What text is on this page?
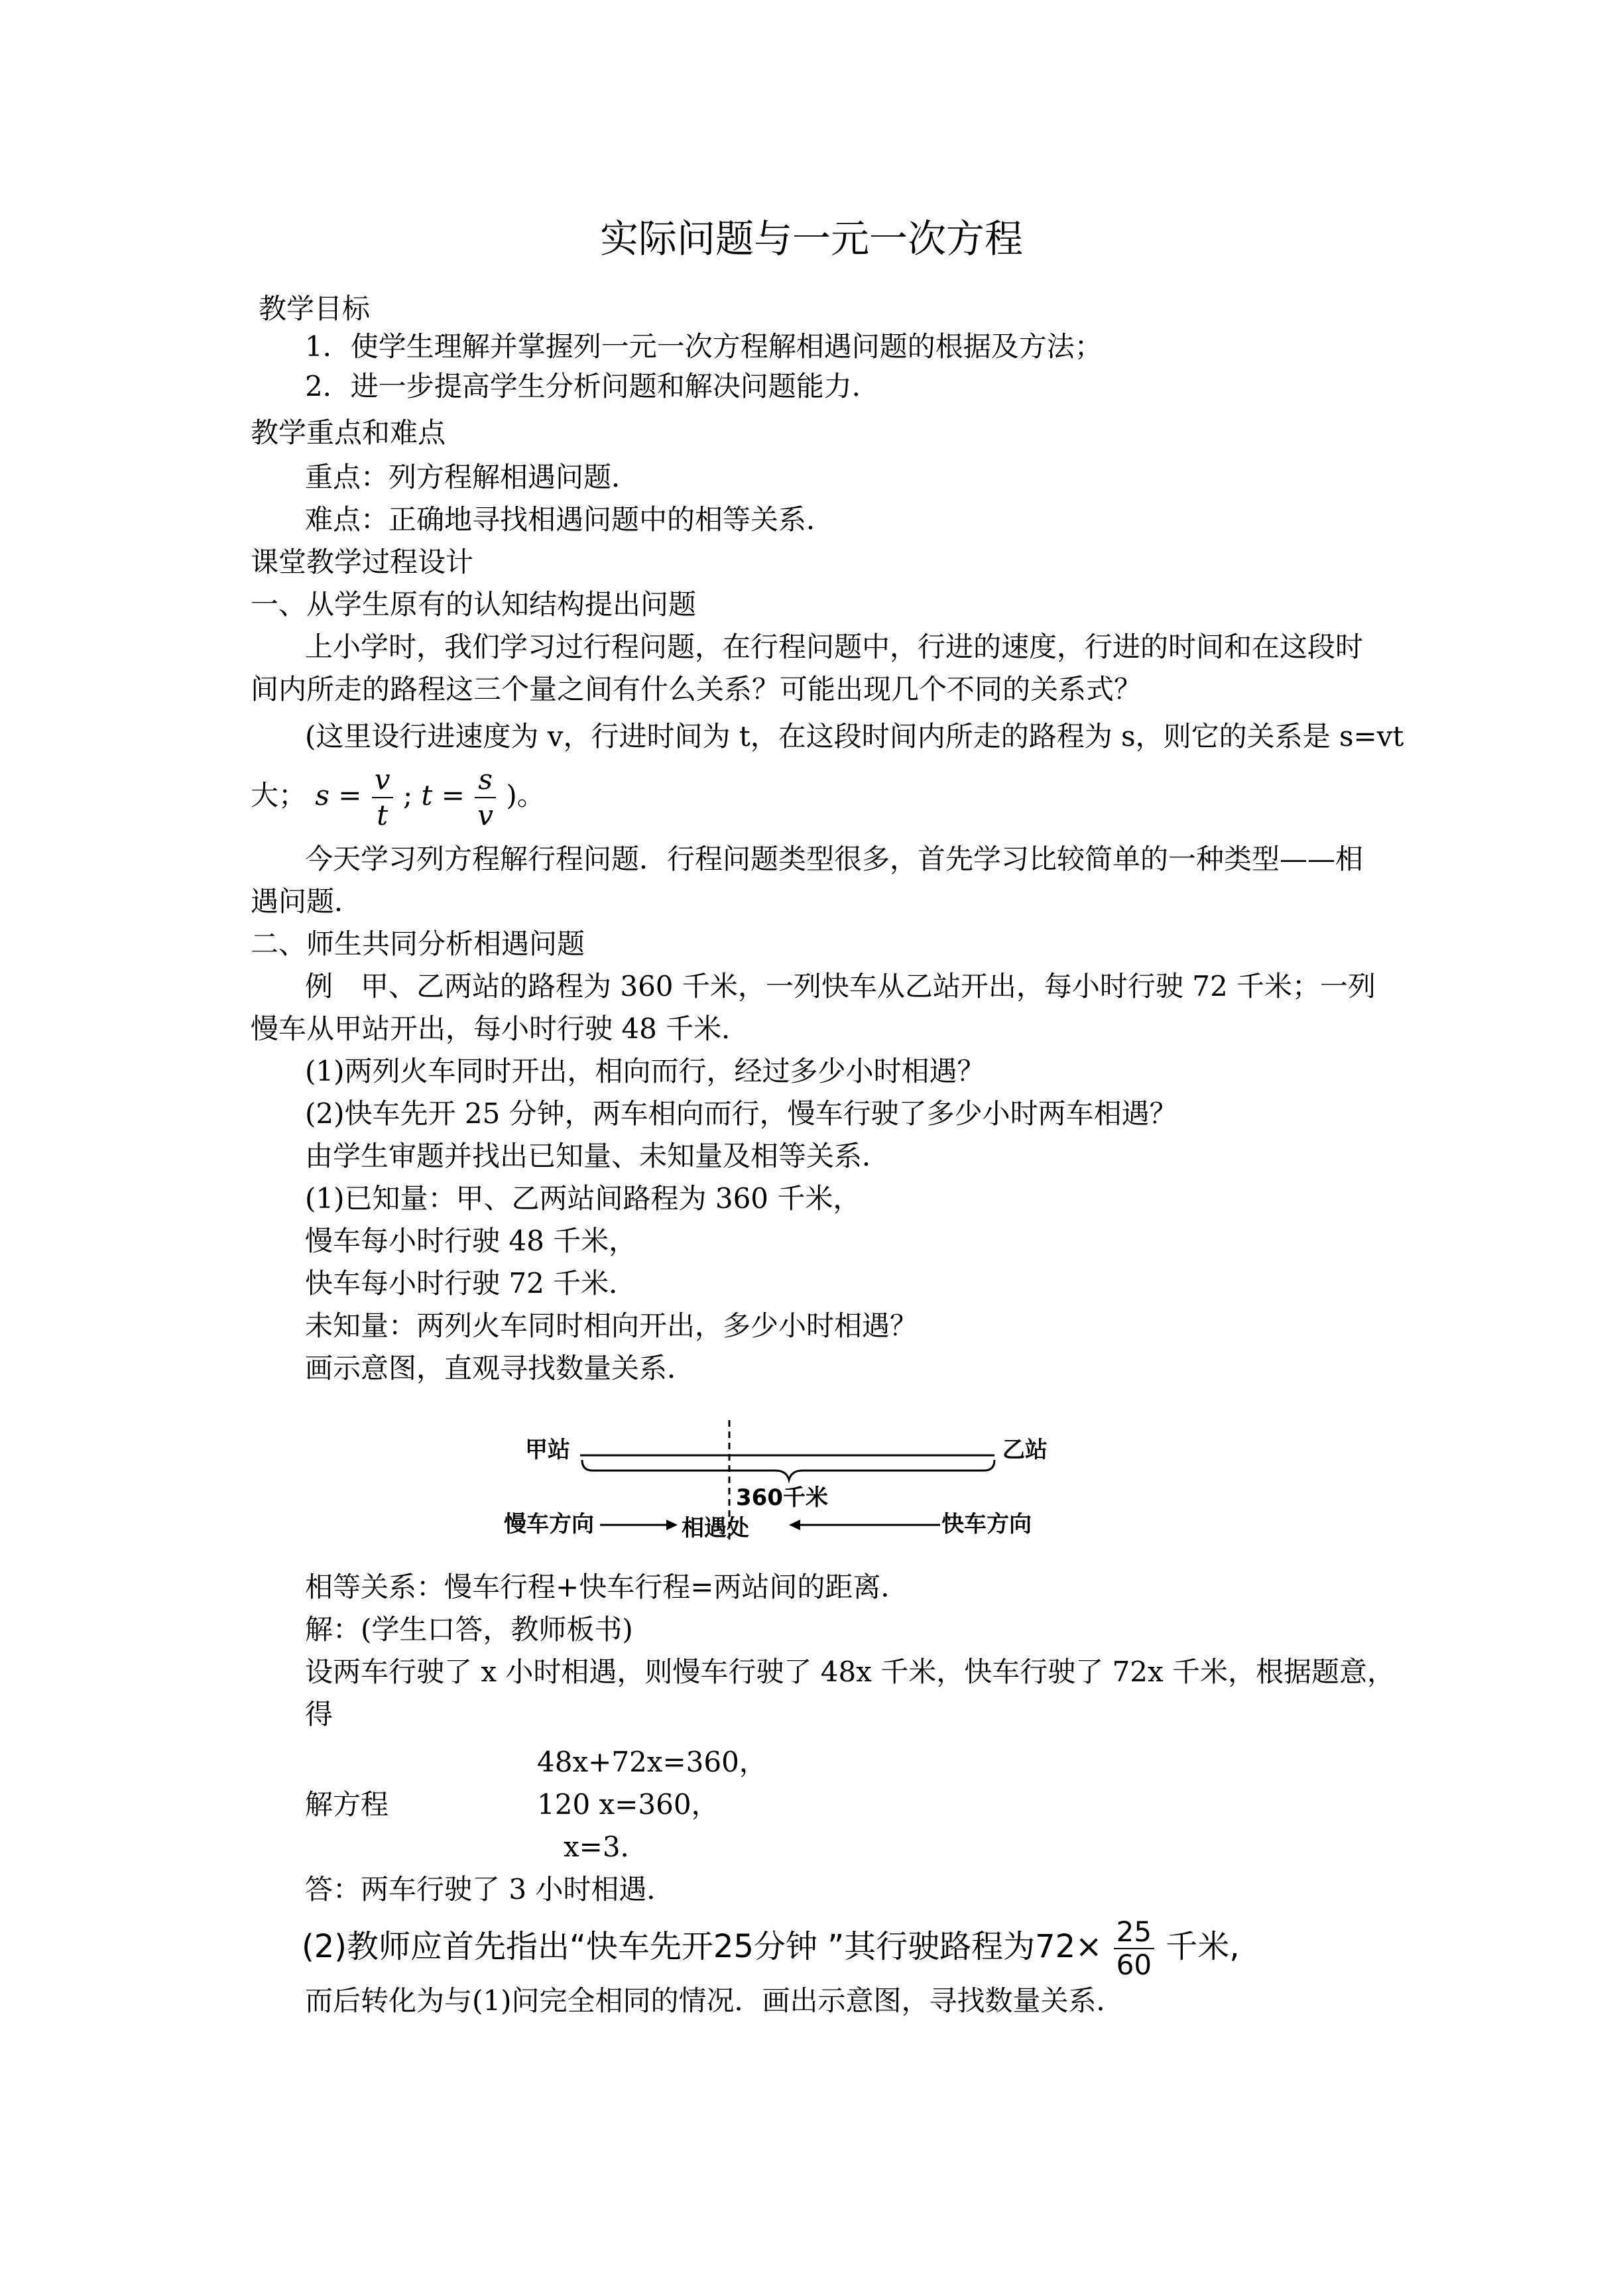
实际问题与一元一次方程
教学目标
1．使学生理解并掌握列一元一次方程解相遇问题的根据及方法；
2．进一步提高学生分析问题和解决问题能力．
教学重点和难点
重点：列方程解相遇问题．
难点：正确地寻找相遇问题中的相等关系．
课堂教学过程设计
一、从学生原有的认知结构提出问题
上小学时，我们学习过行程问题，在行程问题中，行进的速度，行进的时间和在这段时
间内所走的路程这三个量之间有什么关系？可能出现几个不同的关系式？
(这里设行进速度为 v，行进时间为 t，在这段时间内所走的路程为 s，则它的关系是 s=vt
大； $s = \frac{v}{t}$ ; $t = \frac{s}{v}$ )。
今天学习列方程解行程问题．行程问题类型很多，首先学习比较简单的一种类型——相
遇问题．
二、师生共同分析相遇问题
例　甲、乙两站的路程为 360 千米，一列快车从乙站开出，每小时行驶 72 千米；一列
慢车从甲站开出，每小时行驶 48 千米．
(1)两列火车同时开出，相向而行，经过多少小时相遇？
(2)快车先开 25 分钟，两车相向而行，慢车行驶了多少小时两车相遇？
由学生审题并找出已知量、未知量及相等关系．
(1)已知量：甲、乙两站间路程为 360 千米，
慢车每小时行驶 48 千米，
快车每小时行驶 72 千米．
未知量：两列火车同时相向开出，多少小时相遇？
画示意图，直观寻找数量关系．
甲站	乙站
360千米
慢车方向	相遇处	快车方向
相等关系：慢车行程+快车行程=两站间的距离．
解：(学生口答，教师板书)
设两车行驶了 x 小时相遇，则慢车行驶了 48x 千米，快车行驶了 72x 千米，根据题意，
得
48x+72x=360，
解方程	120 x=360，
x=3．
答：两车行驶了 3 小时相遇．
(2)教师应首先指出“快车先开25分钟 ”其行驶路程为$72\times \frac{25}{60}$ 千米,
而后转化为与(1)问完全相同的情况．画出示意图，寻找数量关系．
